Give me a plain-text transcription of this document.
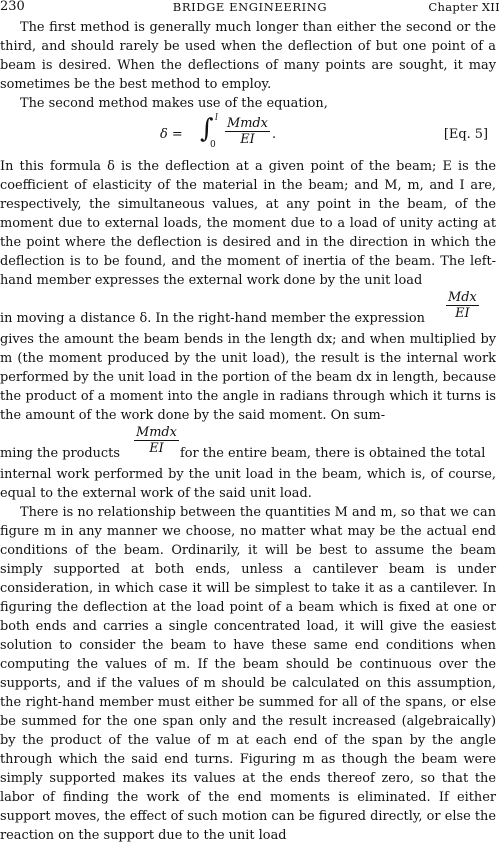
230	BRIDGE ENGINEERING	Chapter XII

The first method is generally much longer than either the second or the third, and should rarely be used when the deflection of but one point of a beam is desired. When the deflections of many points are sought, it may sometimes be the best method to employ.

The second method makes use of the equation,

δ = ∫ l
0
Mmdx
EI	.	[Eq. 5]

In this formula δ is the deflection at a given point of the beam; E is the coefficient of elasticity of the material in the beam; and M, m, and I are, respectively, the simultaneous values, at any point in the beam, of the moment due to external loads, the moment due to a load of unity acting at the point where the deflection is desired and in the direction in which the deflection is to be found, and the moment of inertia of the beam. The left-hand member expresses the external work done by the unit load

in moving a distance δ. In the right-hand member the expression
Mdx
EI

gives the amount the beam bends in the length dx; and when multiplied by m (the moment produced by the unit load), the result is the internal work performed by the unit load in the portion of the beam dx in length, because the product of a moment into the angle in radians through which it turns is the amount of the work done by the said moment. On sum-

ming the products
Mmdx
EI	for the entire beam, there is obtained the total

internal work performed by the unit load in the beam, which is, of course, equal to the external work of the said unit load.

There is no relationship between the quantities M and m, so that we can figure m in any manner we choose, no matter what may be the actual end conditions of the beam. Ordinarily, it will be best to assume the beam simply supported at both ends, unless a cantilever beam is under consideration, in which case it will be simplest to take it as a cantilever. In figuring the deflection at the load point of a beam which is fixed at one or both ends and carries a single concentrated load, it will give the easiest solution to consider the beam to have these same end conditions when computing the values of m. If the beam should be continuous over the supports, and if the values of m should be calculated on this assumption, the right-hand member must either be summed for all of the spans, or else be summed for the one span only and the result increased (algebraically) by the product of the value of m at each end of the span by the angle through which the said end turns. Figuring m as though the beam were simply supported makes its values at the ends thereof zero, so that the labor of finding the work of the end moments is eliminated. If either support moves, the effect of such motion can be figured directly, or else the reaction on the support due to the unit load
